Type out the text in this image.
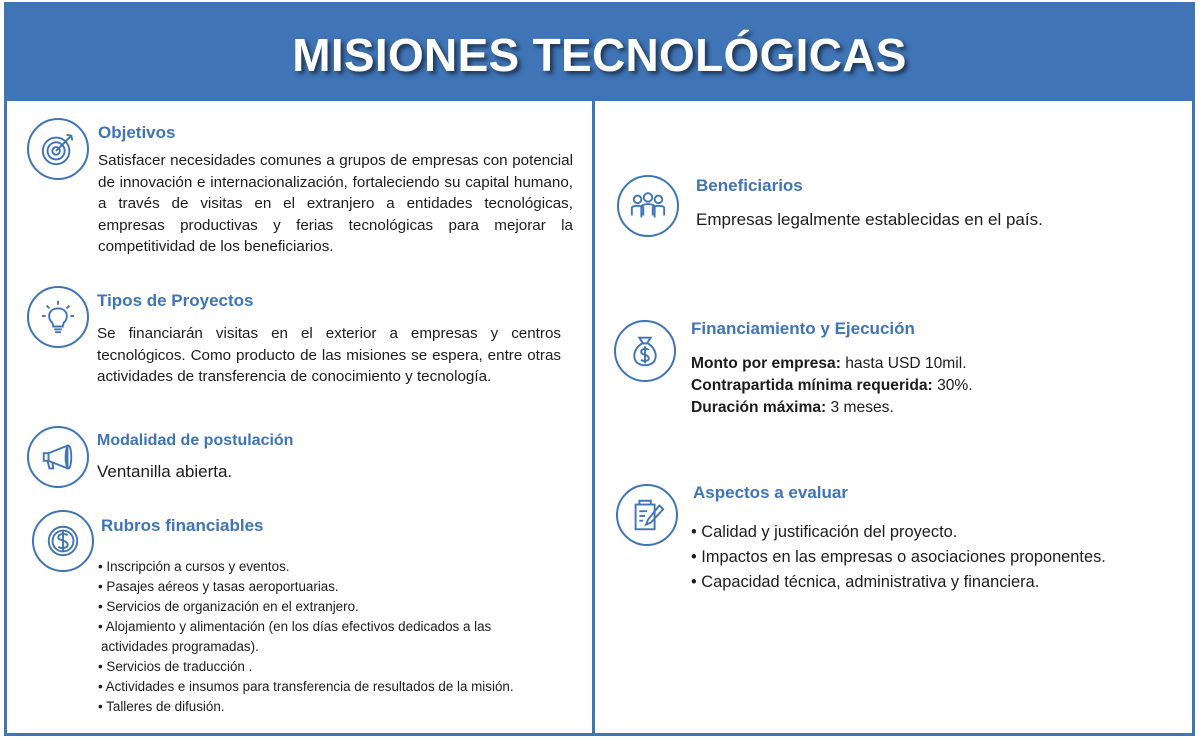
MISIONES TECNOLÓGICAS
Objetivos
Satisfacer necesidades comunes a grupos de empresas con potencial de innovación e internacionalización, fortaleciendo su capital humano, a través de visitas en el extranjero a entidades tecnológicas, empresas productivas y ferias tecnológicas para mejorar la competitividad de los beneficiarios.
Tipos de Proyectos
Se financiarán visitas en el exterior a empresas y centros tecnológicos. Como producto de las misiones se espera, entre otras actividades de transferencia de conocimiento y tecnología.
Modalidad de postulación
Ventanilla abierta.
Rubros financiables
• Inscripción a cursos y eventos.
• Pasajes aéreos y tasas aeroportuarias.
• Servicios de organización en el extranjero.
• Alojamiento y alimentación (en los días efectivos dedicados a las
actividades programadas).
• Servicios de traducción .
• Actividades e insumos para transferencia de resultados de la misión.
• Talleres de difusión.
Beneficiarios
Empresas legalmente establecidas en el país.
Financiamiento y Ejecución
Monto por empresa: hasta USD 10mil.
Contrapartida mínima requerida: 30%.
Duración máxima: 3 meses.
Aspectos a evaluar
• Calidad y justificación del proyecto.
• Impactos en las empresas o asociaciones proponentes.
• Capacidad técnica, administrativa y financiera.
